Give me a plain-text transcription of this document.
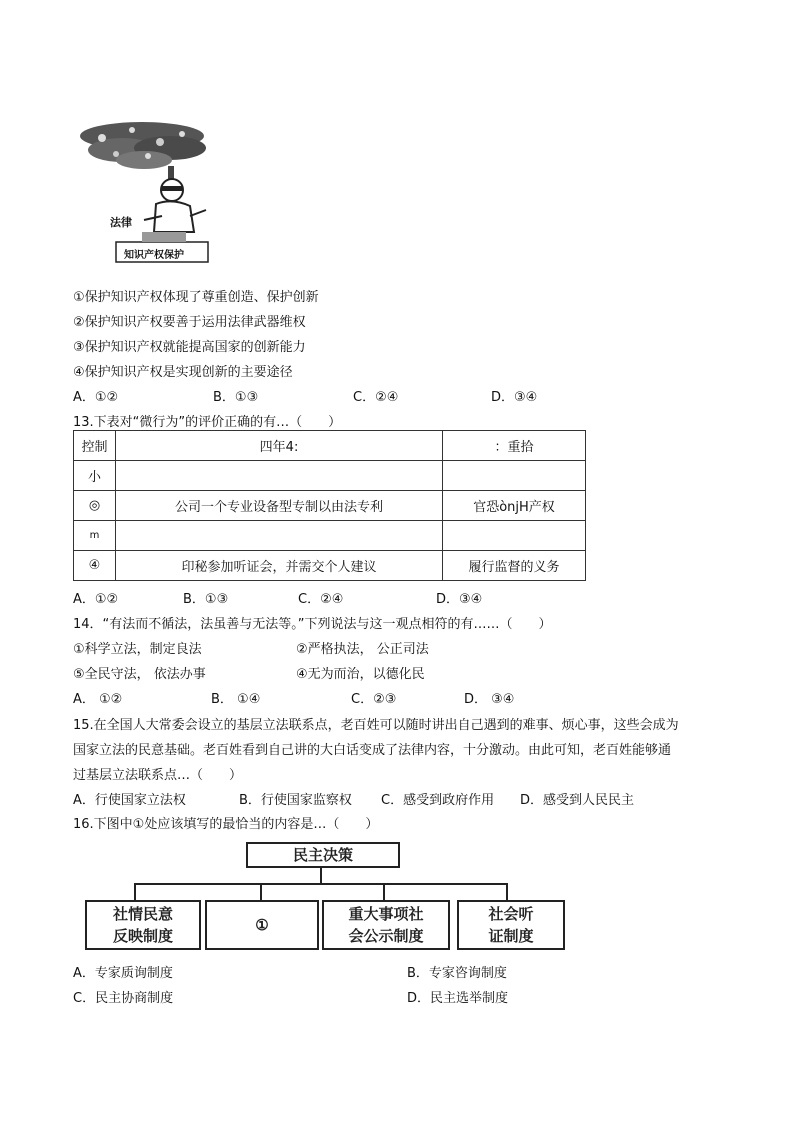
法律
知识产权保护
①保护知识产权体现了尊重创造、保护创新
②保护知识产权要善于运用法律武器维权
③保护知识产权就能提高国家的创新能力
④保护知识产权是实现创新的主要途径
A．①②	B．①③	C．②④	D．③④
13.下表对“微行为”的评价正确的有…（　　）
控制	四年4:	：重拾
小		
◎	公司一个专业设备型专制以由法专利	官恐ònjΗ产权
m		
④	印秘参加听证会，并需交个人建议	履行监督的义务
A．①②	B．①③	C．②④	D．③④
14．“有法而不循法，法虽善与无法等。”下列说法与这一观点相符的有……（　　）
①科学立法，制定良法	②严格执法， 公正司法
⑤全民守法， 依法办事	④无为而治，以德化民
A． ①②	B． ①④	C．②③	D． ③④
15.在全国人大常委会设立的基层立法联系点，老百姓可以随时讲出自己遇到的难事、烦心事，这些会成为
国家立法的民意基础。老百姓看到自己讲的大白话变成了法律内容，十分激动。由此可知，老百姓能够通
过基层立法联系点…（　　）
A．行使国家立法权	B．行使国家监察权 C．感受到政府作用 D．感受到人民民主
16.下图中①处应该填写的最恰当的内容是…（　　）
民主决策
社情民意
反映制度
①
重大事项社
会公示制度
社会听
证制度
A．专家质询制度	B．专家咨询制度
C．民主协商制度	D．民主选举制度
